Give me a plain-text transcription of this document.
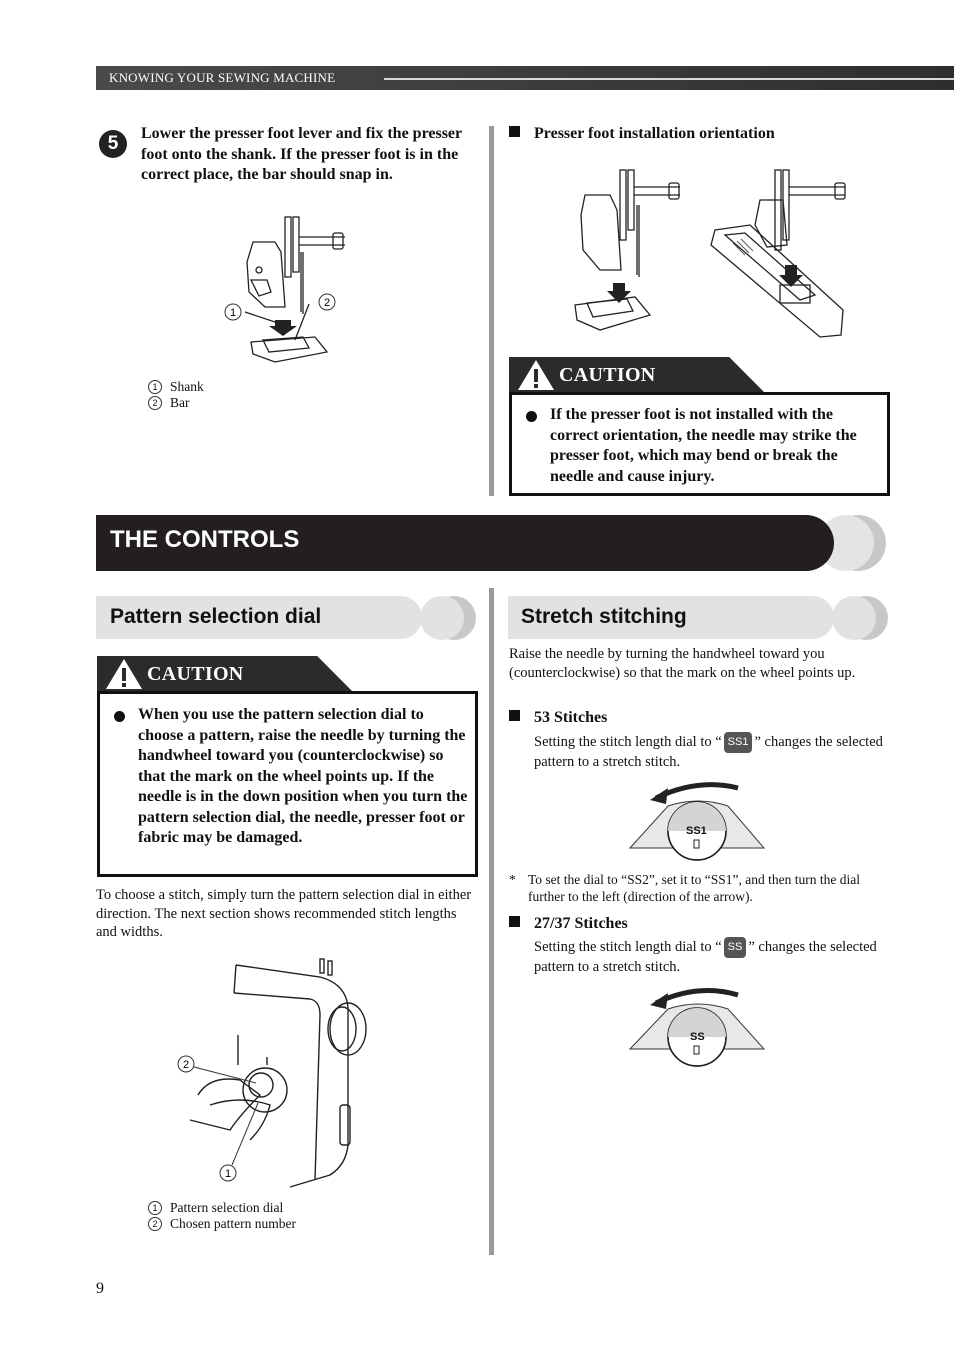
KNOWING YOUR SEWING MACHINE
5	Lower the presser foot lever and fix the presser foot onto the shank. If the presser foot is in the correct place, the bar should snap in.
1
2
1 Shank
2 Bar
Presser foot installation orientation
CAUTION
If the presser foot is not installed with the correct orientation, the needle may strike the presser foot, which may bend or break the needle and cause injury.
THE CONTROLS
Pattern selection dial	Stretch stitching
CAUTION
When you use the pattern selection dial to choose a pattern, raise the needle by turning the handwheel toward you (counterclockwise) so that the mark on the wheel points up. If the needle is in the down position when you turn the pattern selection dial, the needle, presser foot or fabric may be damaged.
To choose a stitch, simply turn the pattern selection dial in either direction. The next section shows recommended stitch lengths and widths.
2
1
1 Pattern selection dial
2 Chosen pattern number
Raise the needle by turning the handwheel toward you (counterclockwise) so that the mark on the wheel points up.
53 Stitches
Setting the stitch length dial to “ SS1 ” changes the selected pattern to a stretch stitch.
SS1
* To set the dial to “SS2”, set it to “SS1”, and then turn the dial further to the left (direction of the arrow).
27/37 Stitches
Setting the stitch length dial to “ SS ” changes the selected pattern to a stretch stitch.
SS
9
